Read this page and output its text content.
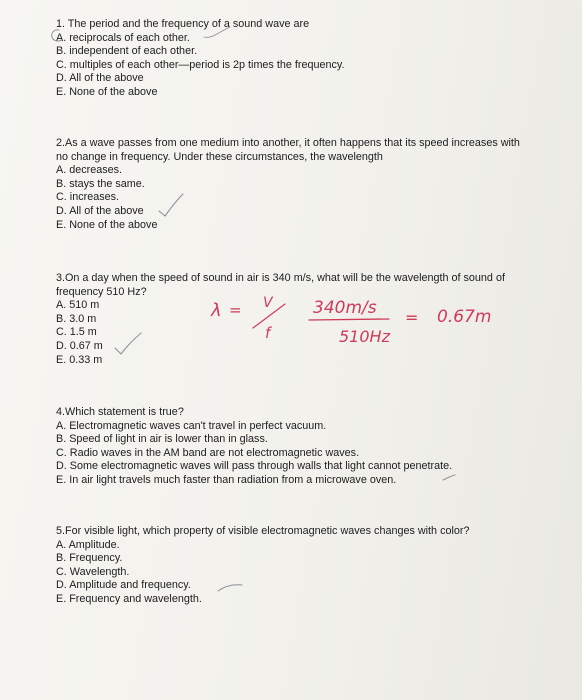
1. The period and the frequency of a sound wave are

A. reciprocals of each other.
B. independent of each other.
C. multiples of each other—period is 2p times the frequency.
D. All of the above
E. None of the above

2.As a wave passes from one medium into another, it often happens that its speed increases with no change in frequency. Under these circumstances, the wavelength

A. decreases.
B. stays the same.
C. increases.
D. All of the above
E. None of the above

3.On a day when the speed of sound in air is 340 m/s, what will be the wavelength of sound of frequency 510 Hz?

A. 510 m
B. 3.0 m
C. 1.5 m
D. 0.67 m
E. 0.33 m

4.Which statement is true?

A. Electromagnetic waves can't travel in perfect vacuum.
B. Speed of light in air is lower than in glass.
C. Radio waves in the AM band are not electromagnetic waves.
D. Some electromagnetic waves will pass through walls that light cannot penetrate.
E. In air light travels much faster than radiation from a microwave oven.

5.For visible light, which property of visible electromagnetic waves changes with color?

A. Amplitude.
B. Frequency.
C. Wavelength.
D. Amplitude and frequency.
E. Frequency and wavelength.
λ = V
f
340m/s
510Hz
= 0.67m
